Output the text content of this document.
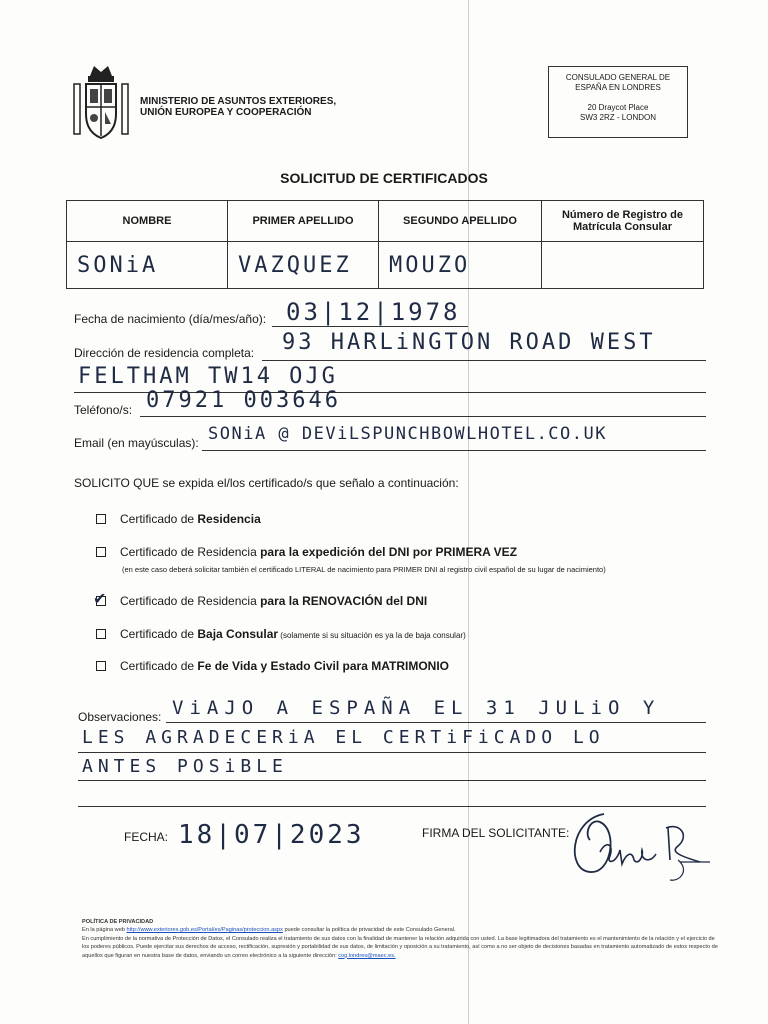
MINISTERIO DE ASUNTOS EXTERIORES,
UNIÓN EUROPEA Y COOPERACIÓN
CONSULADO GENERAL DE
ESPAÑA EN LONDRES
20 Draycot Place
SW3 2RZ - LONDON
SOLICITUD DE CERTIFICADOS
NOMBRE	PRIMER APELLIDO	SEGUNDO APELLIDO	Número de Registro de Matrícula Consular
SONiA	VAZQUEZ	MOUZO	
Fecha de nacimiento (día/mes/año): 03|12|1978
Dirección de residencia completa: 93 HARLiNGTON ROAD WEST
FELTHAM TW14 OJG
Teléfono/s: 07921 003646
Email (en mayúsculas): SONiA @ DEViLSPUNCHBOWLHOTEL.CO.UK
SOLICITO QUE se expida el/los certificado/s que señalo a continuación:
Certificado de Residencia
Certificado de Residencia para la expedición del DNI por PRIMERA VEZ
(en este caso deberá solicitar también el certificado LITERAL de nacimiento para PRIMER DNI al registro civil español de su lugar de nacimiento)
✔ Certificado de Residencia para la RENOVACIÓN del DNI
Certificado de Baja Consular (solamente si su situación es ya la de baja consular)
Certificado de Fe de Vida y Estado Civil para MATRIMONIO
Observaciones: ViAJO A ESPAÑA EL 31 JULiO Y
LES AGRADECERiA EL CERTiFiCADO LO
ANTES POSiBLE
FECHA: 18|07|2023	FIRMA DEL SOLICITANTE:
POLÍTICA DE PRIVACIDAD
En la página web http://www.exteriores.gob.es/Portal/es/Paginas/proteccion.aspx puede consultar la política de privacidad de este Consulado General.
En cumplimiento de la normativa de Protección de Datos, el Consulado realiza el tratamiento de sus datos con la finalidad de mantener la relación adquirida con usted. La base legitimadora del tratamiento es el mantenimiento de la relación y el ejercicio de los poderes públicos. Puede ejercitar sus derechos de acceso, rectificación, supresión y portabilidad de sus datos, de limitación y oposición a su tratamiento, así como a no ser objeto de decisiones basadas en tratamiento automatizado de estos respecto de aquellos que figuran en nuestra base de datos, enviando un correo electrónico a la siguiente dirección: cog.londres@maec.es.
